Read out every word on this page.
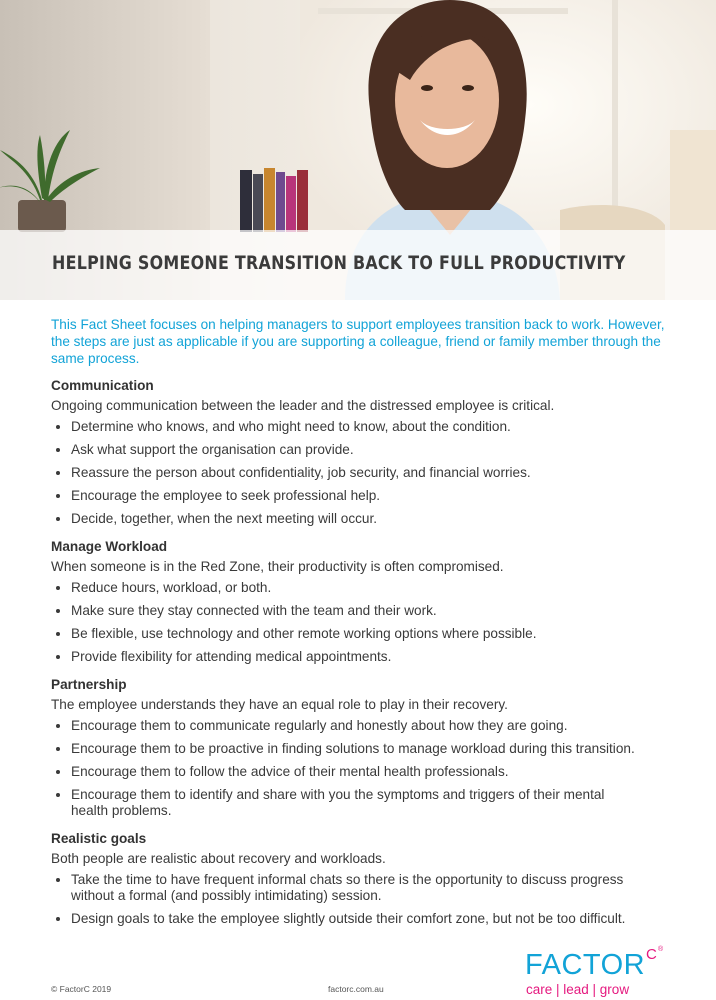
HELPING SOMEONE TRANSITION BACK TO FULL PRODUCTIVITY

This Fact Sheet focuses on helping managers to support employees transition back to work. However, the steps are just as applicable if you are supporting a colleague, friend or family member through the same process.

Communication

Ongoing communication between the leader and the distressed employee is critical.

Determine who knows, and who might need to know, about the condition.
Ask what support the organisation can provide.
Reassure the person about confidentiality, job security, and financial worries.
Encourage the employee to seek professional help.
Decide, together, when the next meeting will occur.
Manage Workload

When someone is in the Red Zone, their productivity is often compromised.

Reduce hours, workload, or both.
Make sure they stay connected with the team and their work.
Be flexible, use technology and other remote working options where possible.
Provide flexibility for attending medical appointments.
Partnership

The employee understands they have an equal role to play in their recovery.

Encourage them to communicate regularly and honestly about how they are going.
Encourage them to be proactive in finding solutions to manage workload during this transition.
Encourage them to follow the advice of their mental health professionals.
Encourage them to identify and share with you the symptoms and triggers of their mental health problems.
Realistic goals

Both people are realistic about recovery and workloads.

Take the time to have frequent informal chats so there is the opportunity to discuss progress without a formal (and possibly intimidating) session.
Design goals to take the employee slightly outside their comfort zone, but not be too difficult.
FACTOR C ®
care | lead | grow
© FactorC 2019	factorc.com.au
